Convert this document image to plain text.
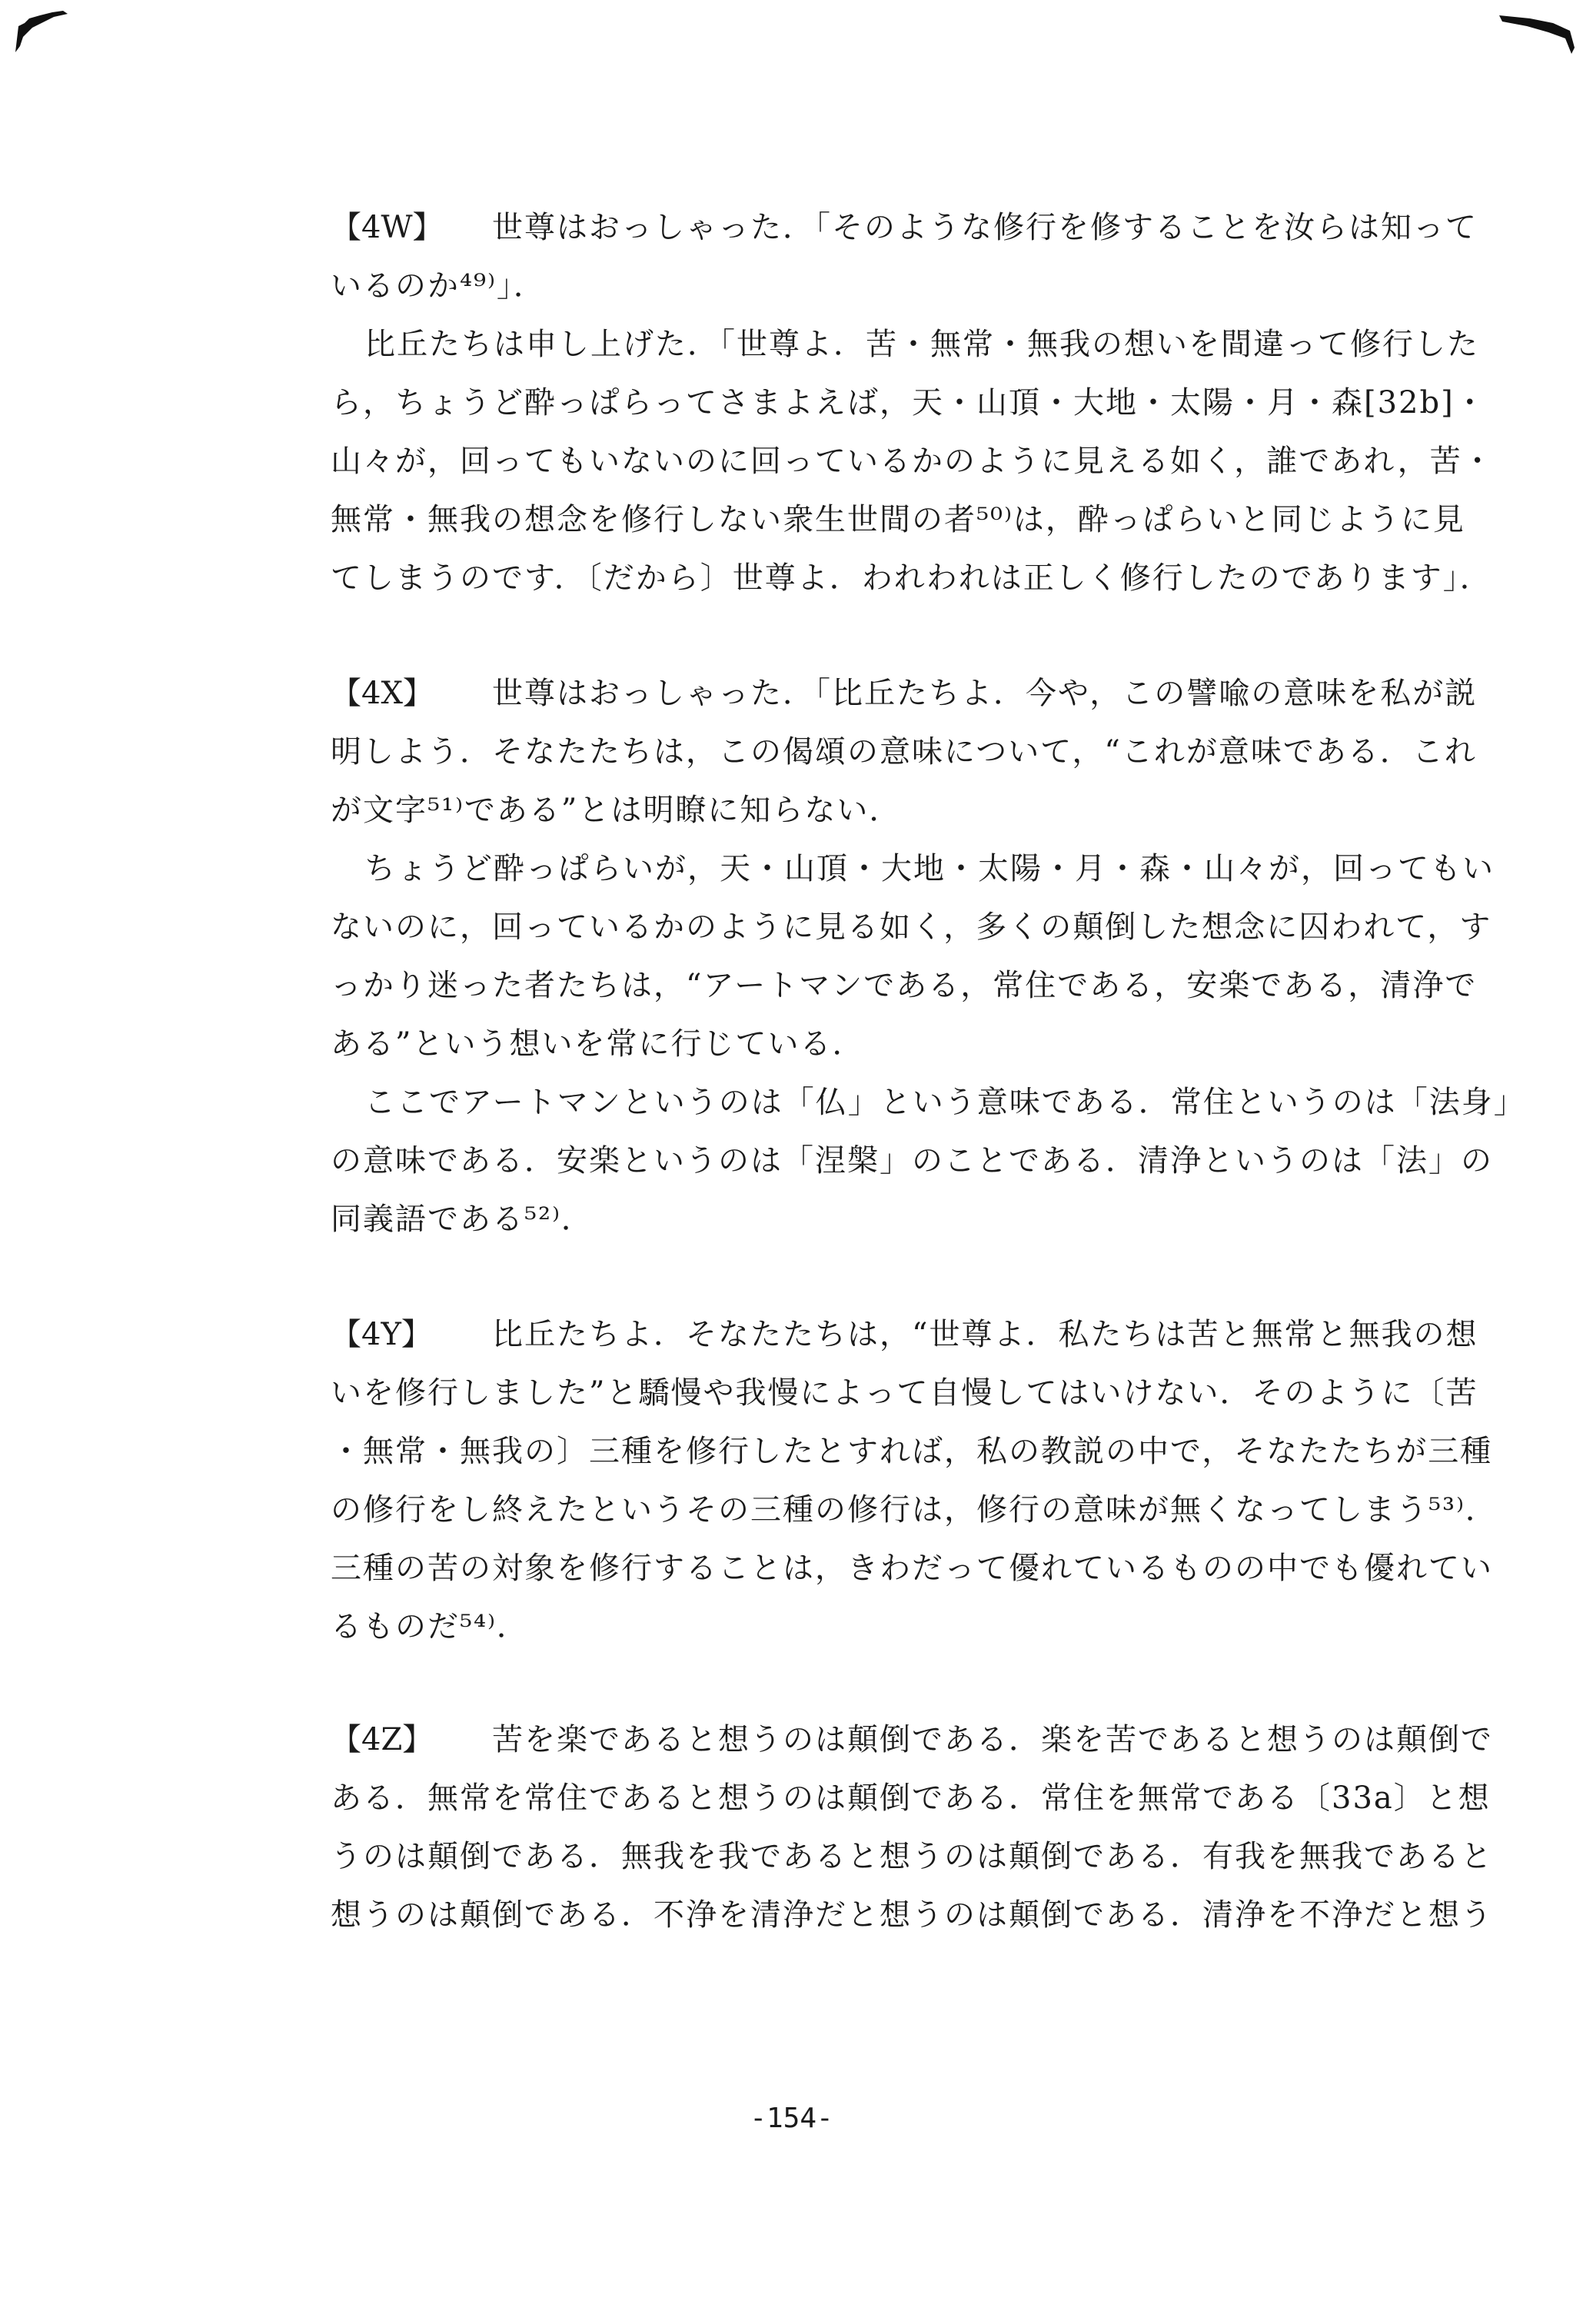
【4W】 世尊はおっしゃった．「そのような修行を修することを汝らは知って
いるのか⁴⁹⁾」．
比丘たちは申し上げた．「世尊よ．苦・無常・無我の想いを間違って修行した
ら，ちょうど酔っぱらってさまよえば，天・山頂・大地・太陽・月・森[32b]・
山々が，回ってもいないのに回っているかのように見える如く，誰であれ，苦・
無常・無我の想念を修行しない衆生世間の者⁵⁰⁾は，酔っぱらいと同じように見
てしまうのです．〔だから〕世尊よ．われわれは正しく修行したのであります」．
【4X】 世尊はおっしゃった．「比丘たちよ．今や，この譬喩の意味を私が説
明しよう．そなたたちは，この偈頌の意味について，“これが意味である．これ
が文字⁵¹⁾である”とは明瞭に知らない．
ちょうど酔っぱらいが，天・山頂・大地・太陽・月・森・山々が，回ってもい
ないのに，回っているかのように見る如く，多くの顛倒した想念に囚われて，す
っかり迷った者たちは，“アートマンである，常住である，安楽である，清浄で
ある”という想いを常に行じている．
ここでアートマンというのは「仏」という意味である．常住というのは「法身」
の意味である．安楽というのは「涅槃」のことである．清浄というのは「法」の
同義語である⁵²⁾．
【4Y】 比丘たちよ．そなたたちは，“世尊よ．私たちは苦と無常と無我の想
いを修行しました”と驕慢や我慢によって自慢してはいけない．そのように〔苦
・無常・無我の〕三種を修行したとすれば，私の教説の中で，そなたたちが三種
の修行をし終えたというその三種の修行は，修行の意味が無くなってしまう⁵³⁾．
三種の苦の対象を修行することは，きわだって優れているものの中でも優れてい
るものだ⁵⁴⁾．
【4Z】 苦を楽であると想うのは顛倒である．楽を苦であると想うのは顛倒で
ある．無常を常住であると想うのは顛倒である．常住を無常である〔33a〕と想
うのは顛倒である．無我を我であると想うのは顛倒である．有我を無我であると
想うのは顛倒である．不浄を清浄だと想うのは顛倒である．清浄を不浄だと想う
-154-
